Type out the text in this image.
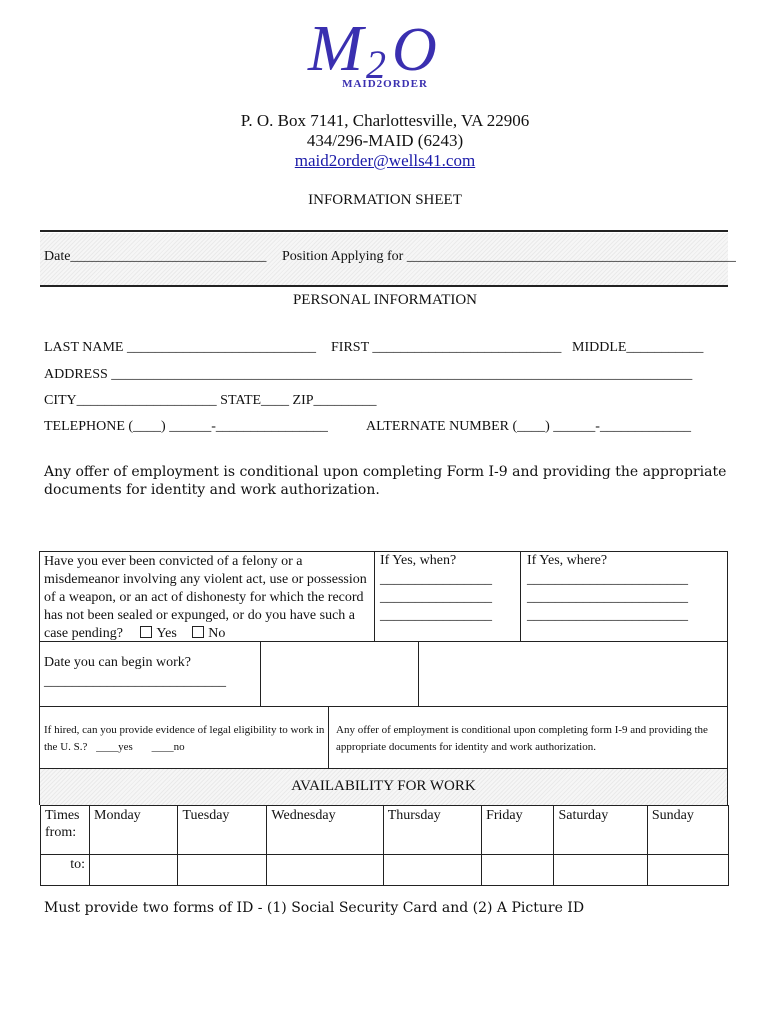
M 2 O
MAID2ORDER
P. O. Box 7141, Charlottesville, VA 22906
434/296-MAID (6243)
maid2order@wells41.com
INFORMATION SHEET
Date____________________________ Position Applying for _______________________________________________
PERSONAL INFORMATION
LAST NAME ___________________________ FIRST ___________________________ MIDDLE___________
ADDRESS ___________________________________________________________________________________
CITY____________________ STATE____ ZIP_________
TELEPHONE (____) ______-________________	ALTERNATE NUMBER (____) ______-_____________
Any offer of employment is conditional upon completing Form I-9 and providing the appropriate documents for identity and work authorization.
Have you ever been convicted of a felony or a misdemeanor involving any violent act, use or possession of a weapon, or an act of dishonesty for which the record has not been sealed or expunged, or do you have such a case pending? Yes No
If Yes, when?
________________
________________
________________
If Yes, where?
_______________________
_______________________
_______________________
Date you can begin work?
__________________________
If hired, can you provide evidence of legal eligibility to work in the U. S.? ____yes ____no
Any offer of employment is conditional upon completing form I-9 and providing the appropriate documents for identity and work authorization.
AVAILABILITY FOR WORK
Times
from:	Monday	Tuesday	Wednesday	Thursday	Friday	Saturday	Sunday
to:							
Must provide two forms of ID - (1) Social Security Card and (2) A Picture ID
